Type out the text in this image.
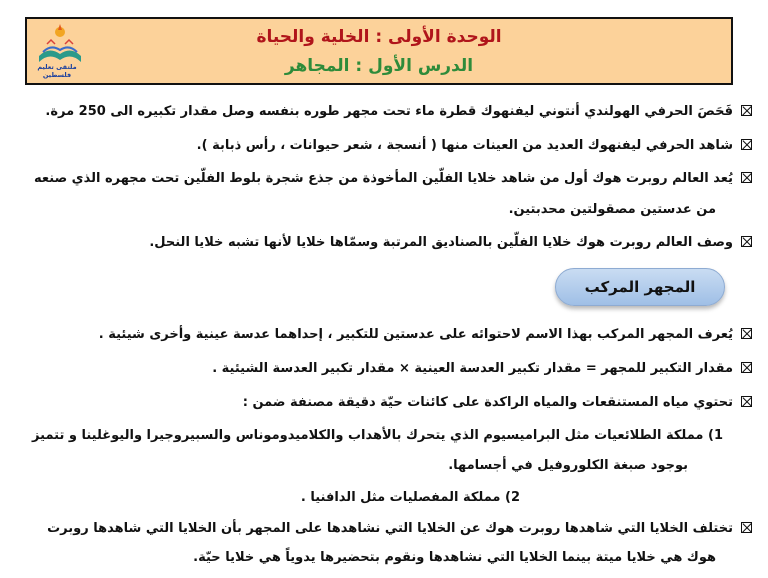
ملتقى تعليم فلسطين
الوحدة الأولى : الخلية والحياة
الدرس الأول : المجاهر
فَحَصَ الحرفي الهولندي أنتوني ليفنهوك قطرة ماء تحت مجهر طوره بنفسه وصل مقدار تكبيره الى 250 مرة.
شاهد الحرفي ليفنهوك العديد من العينات منها ( أنسجة ، شعر حيوانات ، رأس ذبابة ).
يُعد العالم روبرت هوك أول من شاهد خلايا الفلّين المأخوذة من جذع شجرة بلوط الفلّين تحت مجهره الذي صنعه
من عدستين مصقولتين محدبتين.
وصف العالم روبرت هوك خلايا الفلّين بالصناديق المرتبة وسمّاها خلايا لأنها تشبه خلايا النحل.
المجهر المركب
يُعرف المجهر المركب بهذا الاسم لاحتوائه على عدستين للتكبير ، إحداهما عدسة عينية وأخرى شيئية .
مقدار التكبير للمجهر = مقدار تكبير العدسة العينية × مقدار تكبير العدسة الشيئية .
تحتوي مياه المستنقعات والمياه الراكدة على كائنات حيّة دقيقة مصنفة ضمن :
1) مملكة الطلائعيات مثل البراميسيوم الذي يتحرك بالأهداب والكلاميدوموناس والسبيروجيرا واليوغلينا و تتميز
بوجود صبغة الكلوروفيل في أجسامها.
2) مملكة المفصليات مثل الدافنيا .
تختلف الخلايا التي شاهدها روبرت هوك عن الخلايا التي نشاهدها على المجهر بأن الخلايا التي شاهدها روبرت
هوك هي خلايا ميتة بينما الخلايا التي نشاهدها ونقوم بتحضيرها يدوياً هي خلايا حيّة.
